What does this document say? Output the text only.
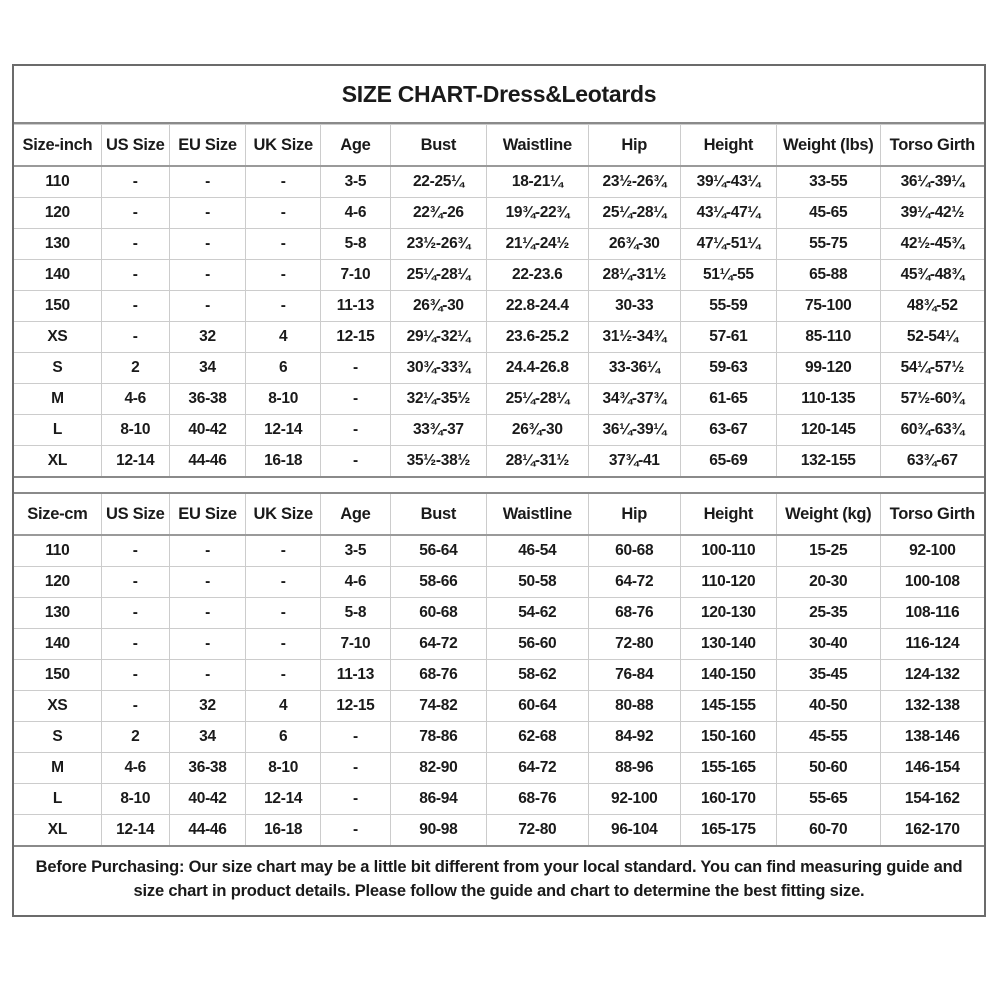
SIZE CHART-Dress&Leotards
Size-inch	US Size	EU Size	UK Size	Age	Bust	Waistline	Hip	Height	Weight (lbs)	Torso Girth
110	-	-	-	3-5	22-25¼	18-21¼	23½-26¾	39¼-43¼	33-55	36¼-39¼
120	-	-	-	4-6	22¾-26	19¾-22¾	25¼-28¼	43¼-47¼	45-65	39¼-42½
130	-	-	-	5-8	23½-26¾	21¼-24½	26¾-30	47¼-51¼	55-75	42½-45¾
140	-	-	-	7-10	25¼-28¼	22-23.6	28¼-31½	51¼-55	65-88	45¾-48¾
150	-	-	-	11-13	26¾-30	22.8-24.4	30-33	55-59	75-100	48¾-52
XS	-	32	4	12-15	29¼-32¼	23.6-25.2	31½-34¾	57-61	85-110	52-54¼
S	2	34	6	-	30¾-33¾	24.4-26.8	33-36¼	59-63	99-120	54¼-57½
M	4-6	36-38	8-10	-	32¼-35½	25¼-28¼	34¾-37¾	61-65	110-135	57½-60¾
L	8-10	40-42	12-14	-	33¾-37	26¾-30	36¼-39¼	63-67	120-145	60¾-63¾
XL	12-14	44-46	16-18	-	35½-38½	28¼-31½	37¾-41	65-69	132-155	63¾-67
Size-cm	US Size	EU Size	UK Size	Age	Bust	Waistline	Hip	Height	Weight (kg)	Torso Girth
110	-	-	-	3-5	56-64	46-54	60-68	100-110	15-25	92-100
120	-	-	-	4-6	58-66	50-58	64-72	110-120	20-30	100-108
130	-	-	-	5-8	60-68	54-62	68-76	120-130	25-35	108-116
140	-	-	-	7-10	64-72	56-60	72-80	130-140	30-40	116-124
150	-	-	-	11-13	68-76	58-62	76-84	140-150	35-45	124-132
XS	-	32	4	12-15	74-82	60-64	80-88	145-155	40-50	132-138
S	2	34	6	-	78-86	62-68	84-92	150-160	45-55	138-146
M	4-6	36-38	8-10	-	82-90	64-72	88-96	155-165	50-60	146-154
L	8-10	40-42	12-14	-	86-94	68-76	92-100	160-170	55-65	154-162
XL	12-14	44-46	16-18	-	90-98	72-80	96-104	165-175	60-70	162-170
Before Purchasing: Our size chart may be a little bit different from your local standard. You can find measuring guide and
size chart in product details. Please follow the guide and chart to determine the best fitting size.
